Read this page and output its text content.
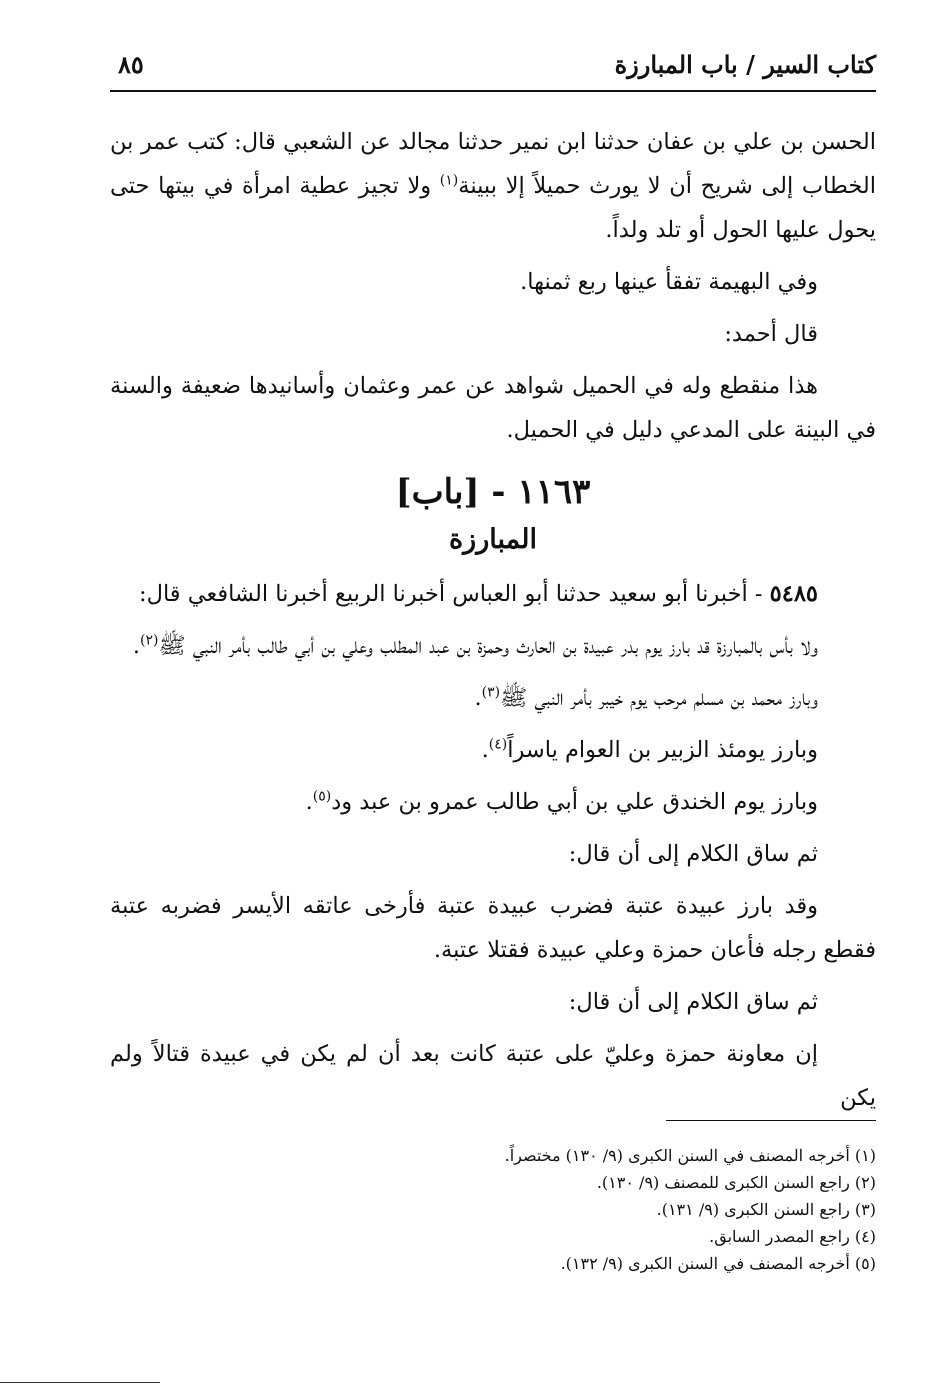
كتاب السير / باب المبارزة
٨٥

الحسن بن علي بن عفان حدثنا ابن نمير حدثنا مجالد عن الشعبي قال: كتب عمر بن الخطاب إلى شريح أن لا يورث حميلاً إلا ببينة$^{(١)}$ ولا تجيز عطية امرأة في بيتها حتى يحول عليها الحول أو تلد ولداً.

وفي البهيمة تفقأ عينها ربع ثمنها.

قال أحمد:

هذا منقطع وله في الحميل شواهد عن عمر وعثمان وأسانيدها ضعيفة والسنة في البينة على المدعي دليل في الحميل.

١١٦٣ - [باب]
المبارزة

٥٤٨٥ - أخبرنا أبو سعيد حدثنا أبو العباس أخبرنا الربيع أخبرنا الشافعي قال:

ولا بأس بالمبارزة قد بارز يوم بدر عبيدة بن الحارث وحمزة بن عبد المطلب وعلي بن أبي طالب بأمر النبي ﷺ$^{(٢)}$.

وبارز محمد بن مسلم مرحب يوم خيبر بأمر النبي ﷺ$^{(٣)}$.

وبارز يومئذ الزبير بن العوام ياسراً$^{(٤)}$.

وبارز يوم الخندق علي بن أبي طالب عمرو بن عبد ود$^{(٥)}$.

ثم ساق الكلام إلى أن قال:

وقد بارز عبيدة عتبة فضرب عبيدة عتبة فأرخى عاتقه الأيسر فضربه عتبة فقطع رجله فأعان حمزة وعلي عبيدة فقتلا عتبة.

ثم ساق الكلام إلى أن قال:

إن معاونة حمزة وعليّ على عتبة كانت بعد أن لم يكن في عبيدة قتالاً ولم يكن

(١) أخرجه المصنف في السنن الكبرى (٩/ ١٣٠) مختصراً.

(٢) راجع السنن الكبرى للمصنف (٩/ ١٣٠).

(٣) راجع السنن الكبرى (٩/ ١٣١).

(٤) راجع المصدر السابق.

(٥) أخرجه المصنف في السنن الكبرى (٩/ ١٣٢).
